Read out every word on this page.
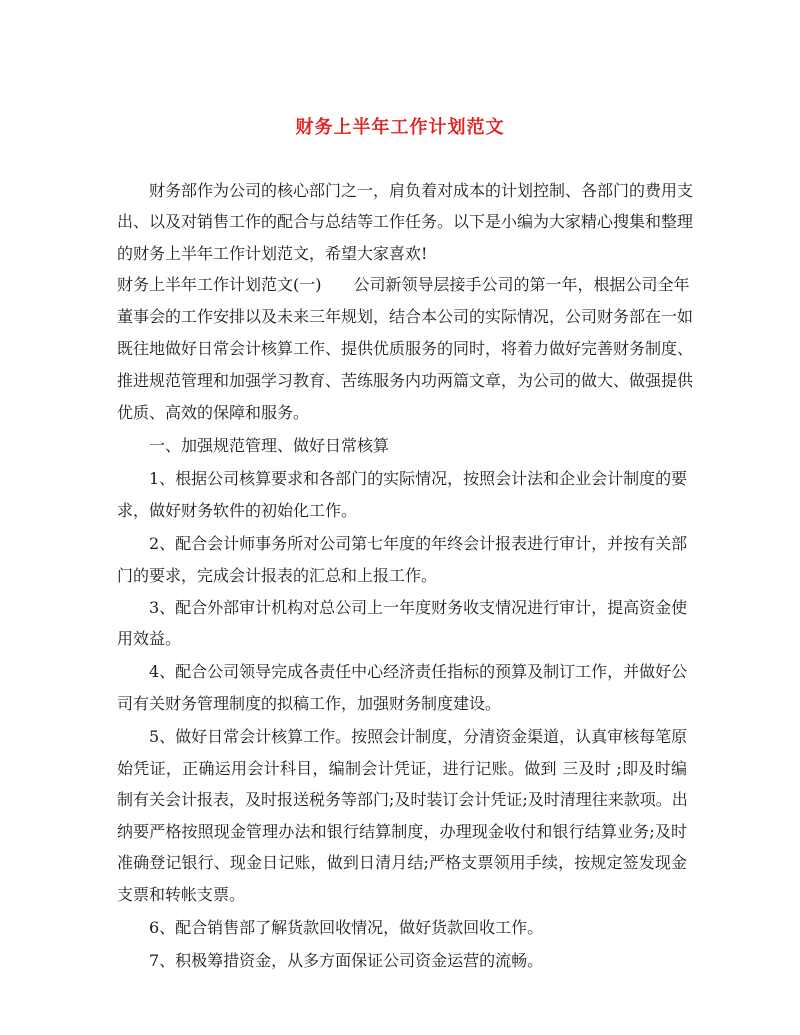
财务上半年工作计划范文

财务部作为公司的核心部门之一，肩负着对成本的计划控制、各部门的费用支

出、以及对销售工作的配合与总结等工作任务。以下是小编为大家精心搜集和整理

的财务上半年工作计划范文，希望大家喜欢!

财务上半年工作计划范文(一)　　公司新领导层接手公司的第一年，根据公司全年

董事会的工作安排以及未来三年规划，结合本公司的实际情况，公司财务部在一如

既往地做好日常会计核算工作、提供优质服务的同时，将着力做好完善财务制度、

推进规范管理和加强学习教育、苦练服务内功两篇文章，为公司的做大、做强提供

优质、高效的保障和服务。

一、加强规范管理、做好日常核算

1、根据公司核算要求和各部门的实际情况，按照会计法和企业会计制度的要

求，做好财务软件的初始化工作。

2、配合会计师事务所对公司第七年度的年终会计报表进行审计，并按有关部

门的要求，完成会计报表的汇总和上报工作。

3、配合外部审计机构对总公司上一年度财务收支情况进行审计，提高资金使

用效益。

4、配合公司领导完成各责任中心经济责任指标的预算及制订工作，并做好公

司有关财务管理制度的拟稿工作，加强财务制度建设。

5、做好日常会计核算工作。按照会计制度，分清资金渠道，认真审核每笔原

始凭证，正确运用会计科目，编制会计凭证，进行记账。做到 三及时 ;即及时编

制有关会计报表，及时报送税务等部门;及时装订会计凭证;及时清理往来款项。出

纳要严格按照现金管理办法和银行结算制度，办理现金收付和银行结算业务;及时

准确登记银行、现金日记账，做到日清月结;严格支票领用手续，按规定签发现金

支票和转帐支票。

6、配合销售部了解货款回收情况，做好货款回收工作。

7、积极筹措资金，从多方面保证公司资金运营的流畅。
